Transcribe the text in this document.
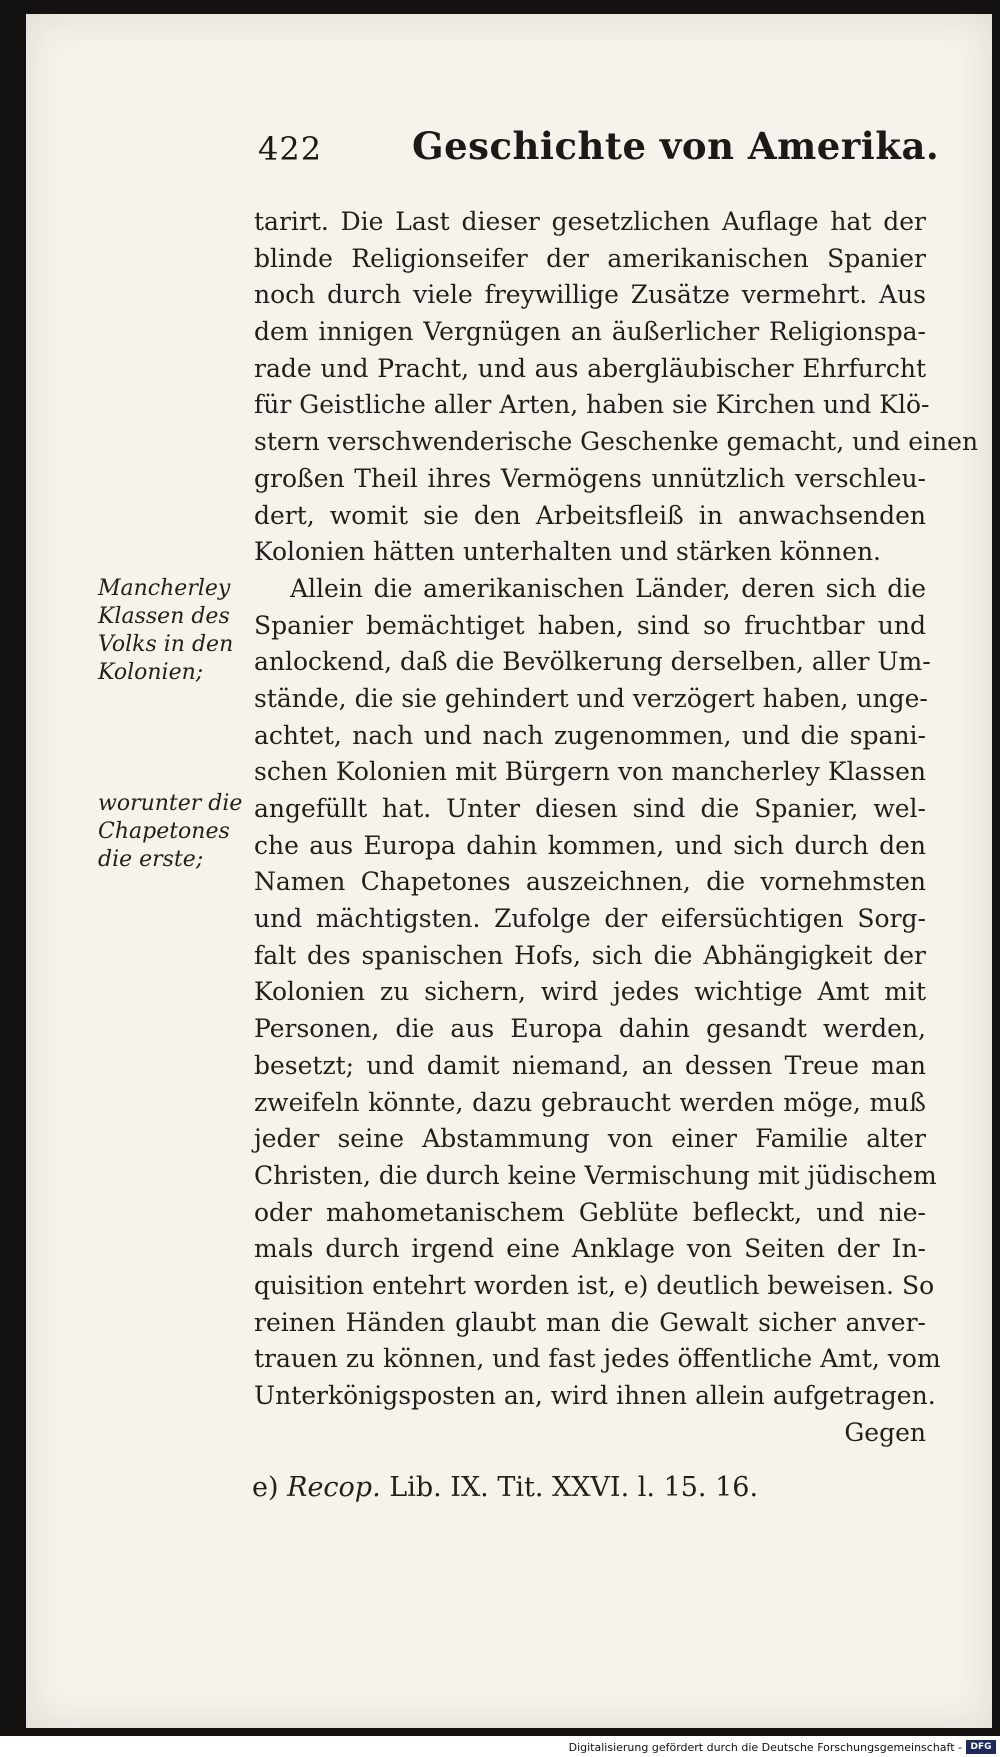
422 Geschichte von Amerika.
Mancherley
Klassen des
Volks in den
Kolonien;
worunter die
Chapetones
die erste;
tarirt. Die Last dieser gesetzlichen Auflage hat der
blinde Religionseifer der amerikanischen Spanier
noch durch viele freywillige Zusätze vermehrt. Aus
dem innigen Vergnügen an äußerlicher Religionspa-
rade und Pracht, und aus abergläubischer Ehrfurcht
für Geistliche aller Arten, haben sie Kirchen und Klö-
stern verschwenderische Geschenke gemacht, und einen
großen Theil ihres Vermögens unnützlich verschleu-
dert, womit sie den Arbeitsfleiß in anwachsenden
Kolonien hätten unterhalten und stärken können.
Allein die amerikanischen Länder, deren sich die
Spanier bemächtiget haben, sind so fruchtbar und
anlockend, daß die Bevölkerung derselben, aller Um-
stände, die sie gehindert und verzögert haben, unge-
achtet, nach und nach zugenommen, und die spani-
schen Kolonien mit Bürgern von mancherley Klassen
angefüllt hat. Unter diesen sind die Spanier, wel-
che aus Europa dahin kommen, und sich durch den
Namen Chapetones auszeichnen, die vornehmsten
und mächtigsten. Zufolge der eifersüchtigen Sorg-
falt des spanischen Hofs, sich die Abhängigkeit der
Kolonien zu sichern, wird jedes wichtige Amt mit
Personen, die aus Europa dahin gesandt werden,
besetzt; und damit niemand, an dessen Treue man
zweifeln könnte, dazu gebraucht werden möge, muß
jeder seine Abstammung von einer Familie alter
Christen, die durch keine Vermischung mit jüdischem
oder mahometanischem Geblüte befleckt, und nie-
mals durch irgend eine Anklage von Seiten der In-
quisition entehrt worden ist, e) deutlich beweisen. So
reinen Händen glaubt man die Gewalt sicher anver-
trauen zu können, und fast jedes öffentliche Amt, vom
Unterkönigsposten an, wird ihnen allein aufgetragen.
Gegen
e) Recop. Lib. IX. Tit. XXVI. l. 15. 16.
Digitalisierung gefördert durch die Deutsche Forschungsgemeinschaft - DFG
